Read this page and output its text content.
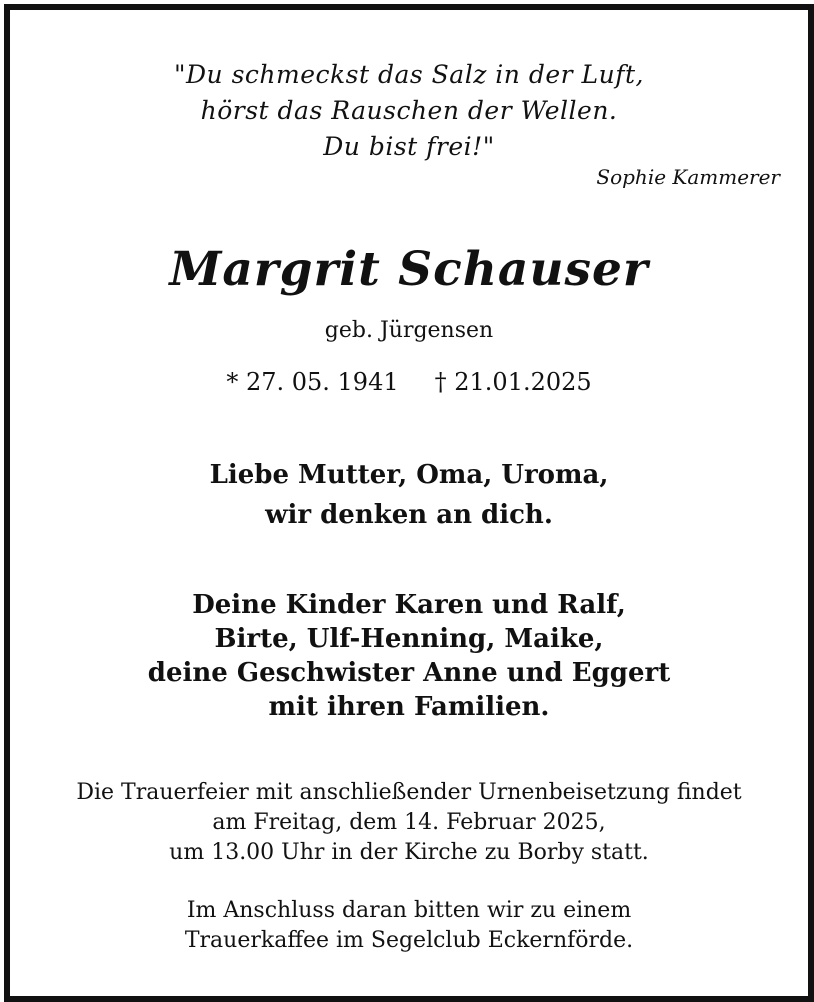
"Du schmeckst das Salz in der Luft,
hörst das Rauschen der Wellen.
Du bist frei!"
Sophie Kammerer
Margrit Schauser
geb. Jürgensen
* 27. 05. 1941 † 21.01.2025
Liebe Mutter, Oma, Uroma,
wir denken an dich.
Deine Kinder Karen und Ralf,
Birte, Ulf-Henning, Maike,
deine Geschwister Anne und Eggert
mit ihren Familien.
Die Trauerfeier mit anschließender Urnenbeisetzung findet
am Freitag, dem 14. Februar 2025,
um 13.00 Uhr in der Kirche zu Borby statt.
Im Anschluss daran bitten wir zu einem
Trauerkaffee im Segelclub Eckernförde.
